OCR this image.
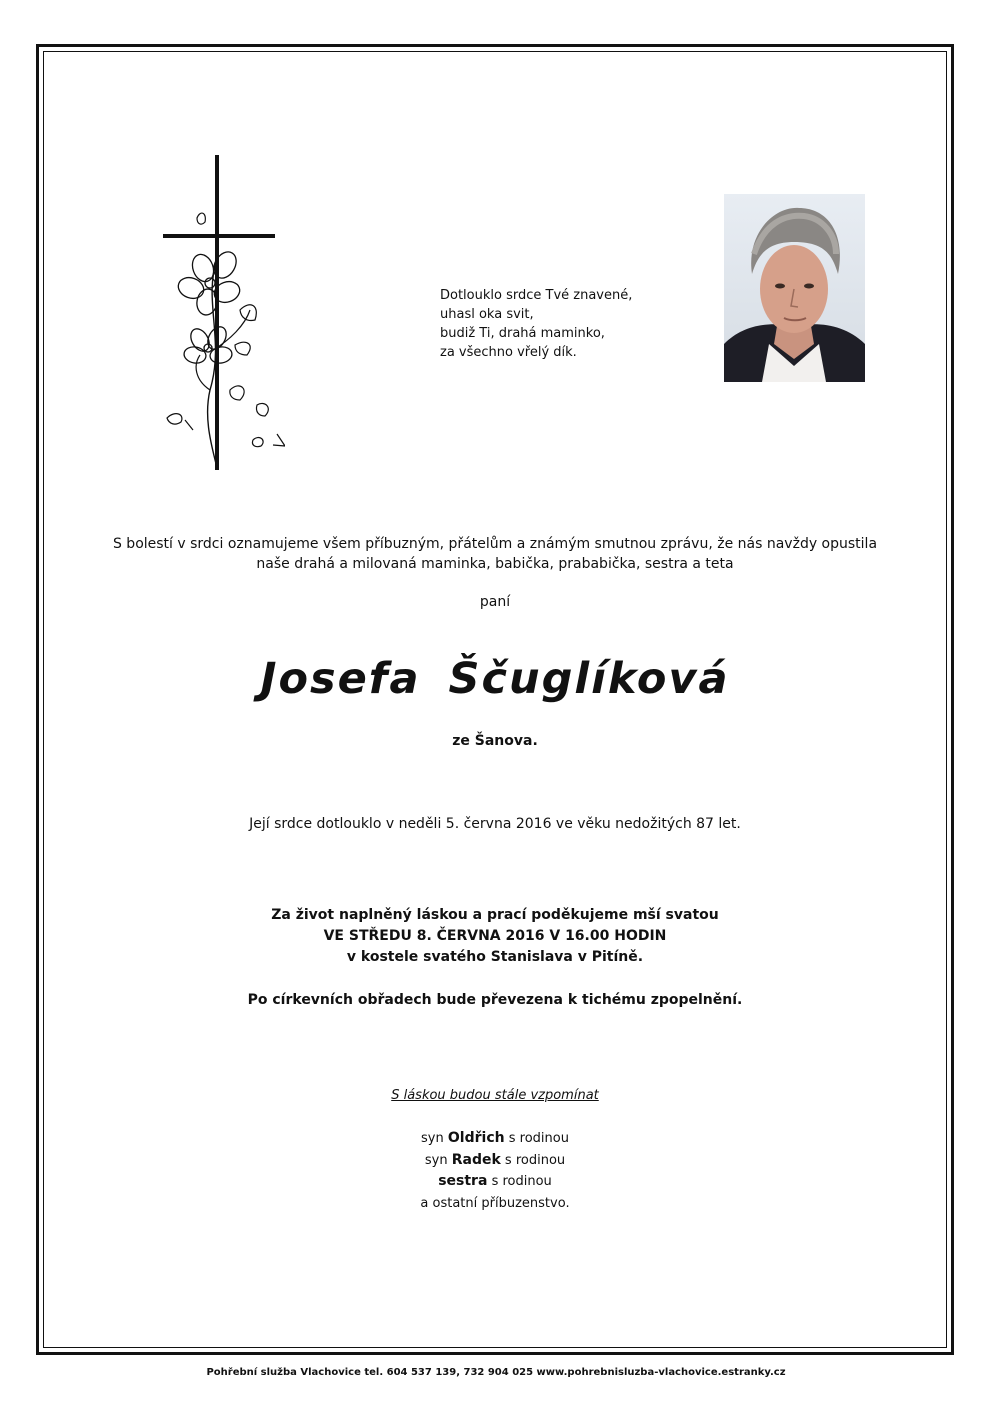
Dotlouklo srdce Tvé znavené,
uhasl oka svit,
budiž Ti, drahá maminko,
za všechno vřelý dík.
S bolestí v srdci oznamujeme všem příbuzným, přátelům a známým smutnou zprávu, že nás navždy opustila
naše drahá a milovaná maminka, babička, prababička, sestra a teta
paní
Josefa Ščuglíková
ze Šanova.
Její srdce dotlouklo v neděli 5. června 2016 ve věku nedožitých 87 let.
Za život naplněný láskou a prací poděkujeme mší svatou
VE STŘEDU 8. ČERVNA 2016 V 16.00 HODIN
v kostele svatého Stanislava v Pitíně.
Po církevních obřadech bude převezena k tichému zpopelnění.
S láskou budou stále vzpomínat
syn Oldřich s rodinou
syn Radek s rodinou
sestra s rodinou
a ostatní příbuzenstvo.
Pohřební služba Vlachovice tel. 604 537 139, 732 904 025 www.pohrebnisluzba-vlachovice.estranky.cz
